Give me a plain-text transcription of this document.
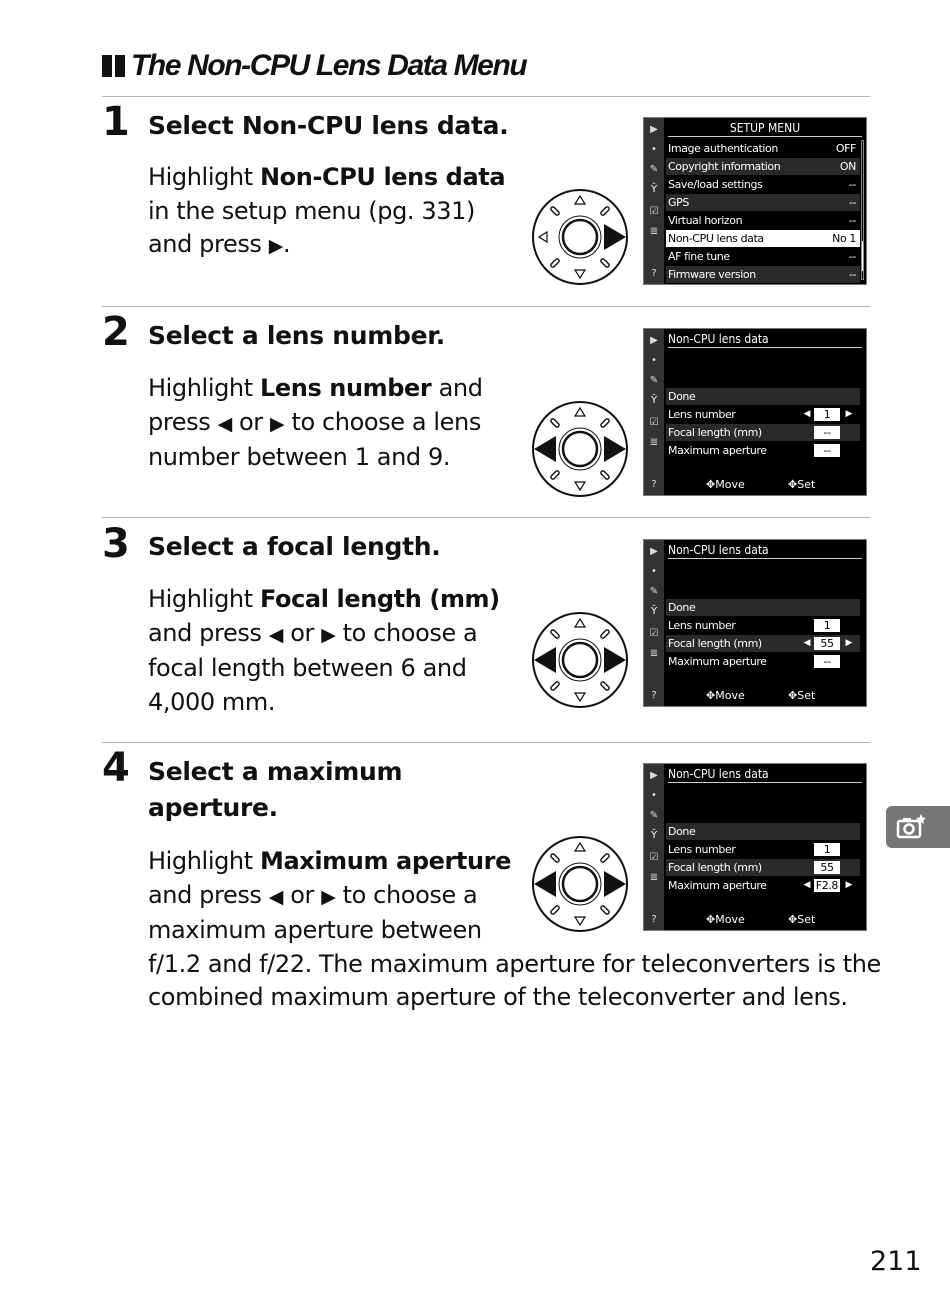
The Non-CPU Lens Data Menu
1 Select Non-CPU lens data.
Highlight Non-CPU lens data
in the setup menu (pg. 331)
and press ▶.
2 Select a lens number.
Highlight Lens number and
press ◀ or ▶ to choose a lens
number between 1 and 9.
3 Select a focal length.
Highlight Focal length (mm)
and press ◀ or ▶ to choose a
focal length between 6 and
4,000 mm.
4 Select a maximum
aperture.
Highlight Maximum aperture
and press ◀ or ▶ to choose a
maximum aperture between
f/1.2 and f/22. The maximum aperture for teleconverters is the
combined maximum aperture of the teleconverter and lens.
▶
•
✎
Ŷ
☑
≣
?
SETUP MENU
Image authentication	OFF
Copyright information	ON
Save/load settings	--
GPS	--
Virtual horizon	--
Non-CPU lens data	No 1
AF fine tune	--
Firmware version	--
▶
•
✎
Ŷ
☑
≣
?
Non-CPU lens data
Done
Lens number	◀	1	▶
Focal length (mm)	--
Maximum aperture	--
✥Move	✥Set
▶
•
✎
Ŷ
☑
≣
?
Non-CPU lens data
Done
Lens number	1
Focal length (mm)	◀ 55	▶
Maximum aperture	--
✥Move	✥Set
▶
•
✎
Ŷ
☑
≣
?
Non-CPU lens data
Done
Lens number	1
Focal length (mm)	55
Maximum aperture	◀ F2.8 ▶
✥Move	✥Set
211
